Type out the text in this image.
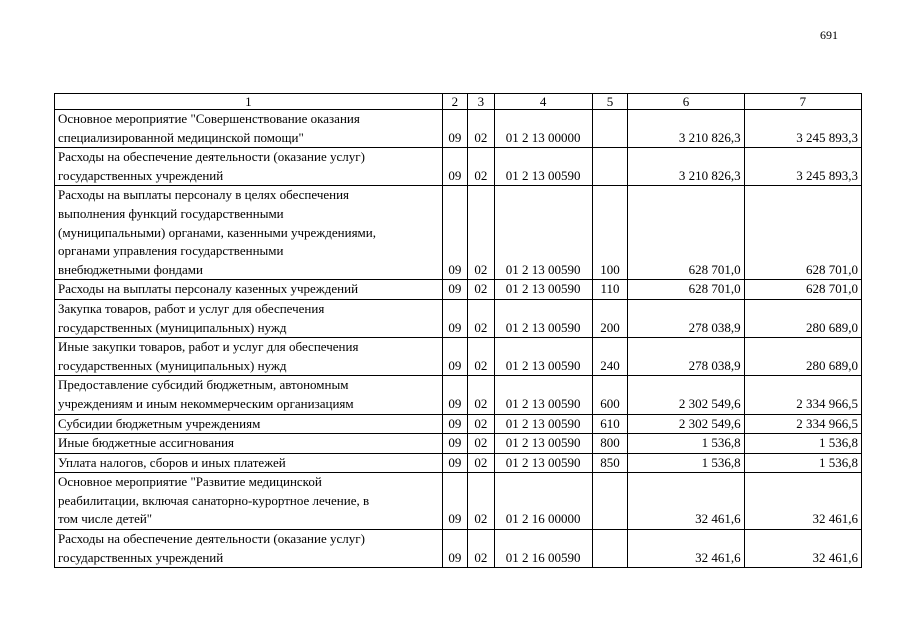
691
1	2	3	4	5	6	7

Основное мероприятие "Совершенствование оказания
специализированной медицинской помощи"	09	02	01 2 13 00000		3 210 826,3	3 245 893,3

Расходы на обеспечение деятельности (оказание услуг)
государственных учреждений	09	02	01 2 13 00590		3 210 826,3	3 245 893,3

Расходы на выплаты персоналу в целях обеспечения
выполнения функций государственными
(муниципальными) органами, казенными учреждениями,
органами управления государственными
внебюджетными фондами	09	02	01 2 13 00590	100	628 701,0	628 701,0

Расходы на выплаты персоналу казенных учреждений	09	02	01 2 13 00590	110	628 701,0	628 701,0

Закупка товаров, работ и услуг для обеспечения
государственных (муниципальных) нужд	09	02	01 2 13 00590	200	278 038,9	280 689,0

Иные закупки товаров, работ и услуг для обеспечения
государственных (муниципальных) нужд	09	02	01 2 13 00590	240	278 038,9	280 689,0

Предоставление субсидий бюджетным, автономным
учреждениям и иным некоммерческим организациям	09	02	01 2 13 00590	600	2 302 549,6	2 334 966,5

Субсидии бюджетным учреждениям	09	02	01 2 13 00590	610	2 302 549,6	2 334 966,5

Иные бюджетные ассигнования	09	02	01 2 13 00590	800	1 536,8	1 536,8

Уплата налогов, сборов и иных платежей	09	02	01 2 13 00590	850	1 536,8	1 536,8

Основное мероприятие "Развитие медицинской
реабилитации, включая санаторно-курортное лечение, в
том числе детей"	09	02	01 2 16 00000		32 461,6	32 461,6

Расходы на обеспечение деятельности (оказание услуг)
государственных учреждений	09	02	01 2 16 00590		32 461,6	32 461,6
